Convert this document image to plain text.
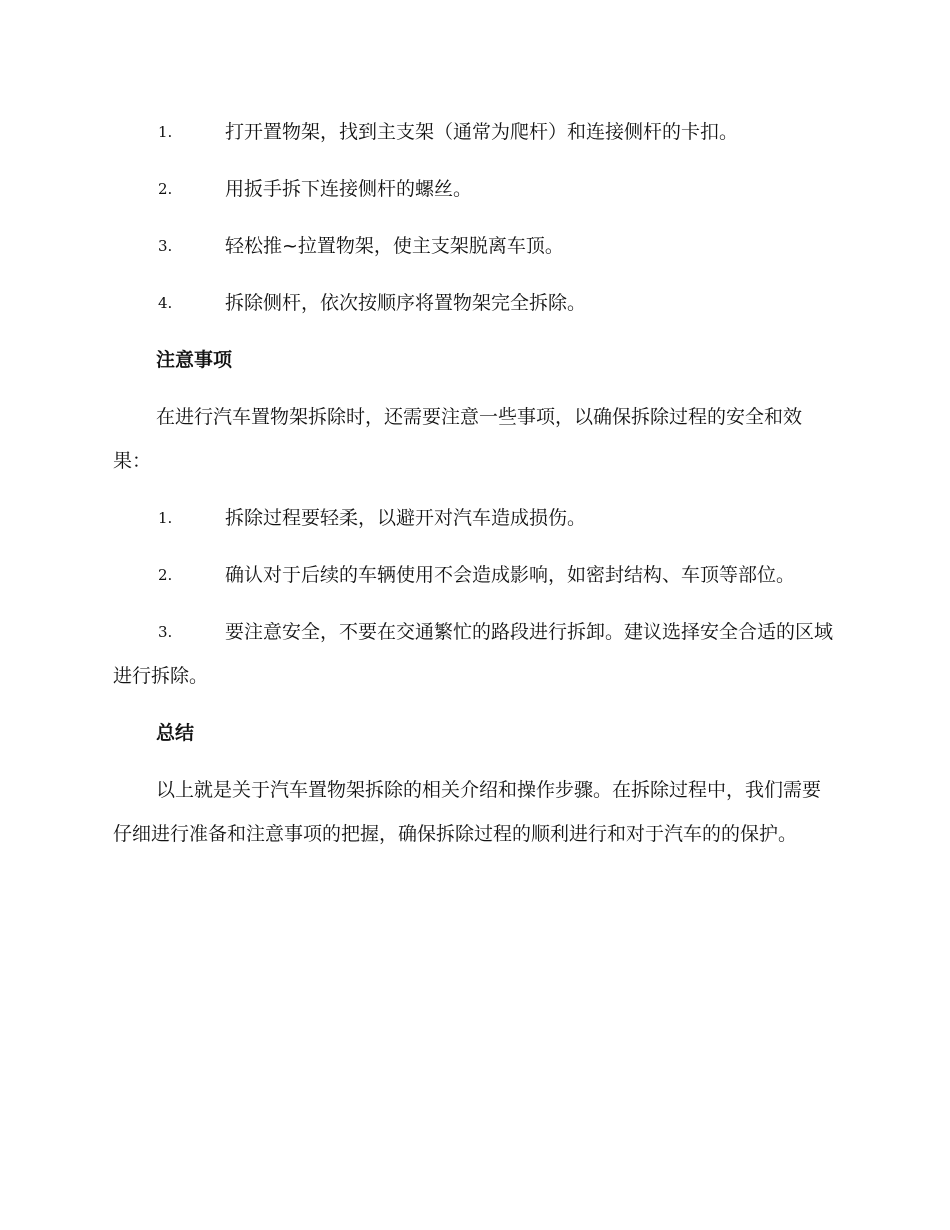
1.	打开置物架，找到主支架（通常为爬杆）和连接侧杆的卡扣。
2.	用扳手拆下连接侧杆的螺丝。
3.	轻松推~拉置物架，使主支架脱离车顶。
4.	拆除侧杆，依次按顺序将置物架完全拆除。
注意事项
在进行汽车置物架拆除时，还需要注意一些事项，以确保拆除过程的安全和效果：
1.	拆除过程要轻柔，以避开对汽车造成损伤。
2.	确认对于后续的车辆使用不会造成影响，如密封结构、车顶等部位。
3.	要注意安全，不要在交通繁忙的路段进行拆卸。建议选择安全合适的区域进行拆除。
总结
以上就是关于汽车置物架拆除的相关介绍和操作步骤。在拆除过程中，我们需要仔细进行准备和注意事项的把握，确保拆除过程的顺利进行和对于汽车的的保护。
